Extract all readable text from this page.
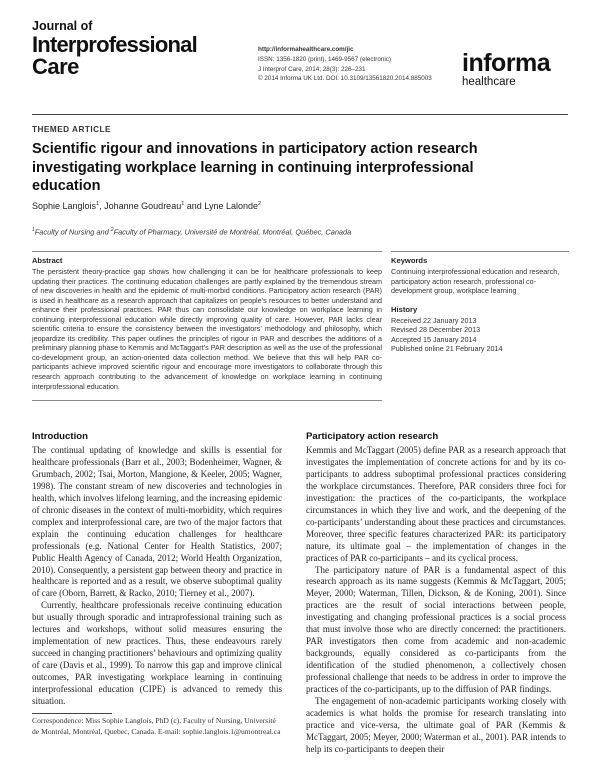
Journal of
Interprofessional
Care
http://informahealthcare.com/jic
ISSN: 1356-1820 (print), 1469-9567 (electronic)
J Interprof Care, 2014; 28(3): 226–231
© 2014 Informa UK Ltd. DOI: 10.3109/13561820.2014.885003
informa
healthcare
THEMED ARTICLE
Scientific rigour and innovations in participatory action research investigating workplace learning in continuing interprofessional education
Sophie Langlois$^1$, Johanne Goudreau$^1$ and Lyne Lalonde$^2$
$^1$Faculty of Nursing and $^2$Faculty of Pharmacy, Université de Montréal, Montréal, Québec, Canada
Abstract

The persistent theory-practice gap shows how challenging it can be for healthcare professionals to keep updating their practices. The continuing education challenges are partly explained by the tremendous stream of new discoveries in health and the epidemic of multi-morbid conditions. Participatory action research (PAR) is used in healthcare as a research approach that capitalizes on people’s resources to better understand and enhance their professional practices. PAR thus can consolidate our knowledge on workplace learning in continuing interprofessional education while directly improving quality of care. However, PAR lacks clear scientific criteria to ensure the consistency between the investigators’ methodology and philosophy, which jeopardize its credibility. This paper outlines the principles of rigour in PAR and describes the additions of a preliminary planning phase to Kemmis and McTaggart’s PAR description as well as the use of the professional co-development group, an action-oriented data collection method. We believe that this will help PAR co-participants achieve improved scientific rigour and encourage more investigators to collaborate through this research approach contributing to the advancement of knowledge on workplace learning in continuing interprofessional education.

Keywords
Continuing interprofessional education and research, participatory action research, professional co-development group, workplace learning
History
Received 22 January 2013
Revised 28 December 2013
Accepted 15 January 2014
Published online 21 February 2014
Introduction

The continual updating of knowledge and skills is essential for healthcare professionals (Barr et al., 2003; Bodenheimer, Wagner, & Grumbach, 2002; Tsai, Morton, Mangione, & Keeler, 2005; Wagner, 1998). The constant stream of new discoveries and technologies in health, which involves lifelong learning, and the increasing epidemic of chronic diseases in the context of multi-morbidity, which requires complex and interprofessional care, are two of the major factors that explain the continuing education challenges for healthcare professionals (e.g. National Center for Health Statistics, 2007; Public Health Agency of Canada, 2012; World Health Organization, 2010). Consequently, a persistent gap between theory and practice in healthcare is reported and as a result, we observe suboptimal quality of care (Oborn, Barrett, & Racko, 2010; Tierney et al., 2007).

Currently, healthcare professionals receive continuing education but usually through sporadic and intraprofessional training such as lectures and workshops, without solid measures ensuring the implementation of new practices. Thus, these endeavours rarely succeed in changing practitioners’ behaviours and optimizing quality of care (Davis et al., 1999). To narrow this gap and improve clinical outcomes, PAR investigating workplace learning in continuing interprofessional education (CIPE) is advanced to remedy this situation.

Participatory action research

Kemmis and McTaggart (2005) define PAR as a research approach that investigates the implementation of concrete actions for and by its co-participants to address suboptimal professional practices considering the workplace circumstances. Therefore, PAR considers three foci for investigation: the practices of the co-participants, the workplace circumstances in which they live and work, and the deepening of the co-participants’ understanding about these practices and circumstances. Moreover, three specific features characterized PAR: its participatory nature, its ultimate goal – the implementation of changes in the practices of PAR co-participants – and its cyclical process.

The participatory nature of PAR is a fundamental aspect of this research approach as its name suggests (Kemmis & McTaggart, 2005; Meyer, 2000; Waterman, Tillen, Dickson, & de Koning, 2001). Since practices are the result of social interactions between people, investigating and changing professional practices is a social process that must involve those who are directly concerned: the practitioners. PAR investigators then come from academic and non-academic backgrounds, equally considered as co-participants from the identification of the studied phenomenon, a collectively chosen professional challenge that needs to be address in order to improve the practices of the co-participants, up to the diffusion of PAR findings.

The engagement of non-academic participants working closely with academics is what holds the promise for research translating into practice and vice-versa, the ultimate goal of PAR (Kemmis & McTaggart, 2005; Meyer, 2000; Waterman et al., 2001). PAR intends to help its co-participants to deepen their

Correspondence: Miss Sophie Langlois, PhD (c), Faculty of Nursing, Université de Montréal, Montréal, Quebec, Canada. E-mail: sophie.langlois.1@umontreal.ca
